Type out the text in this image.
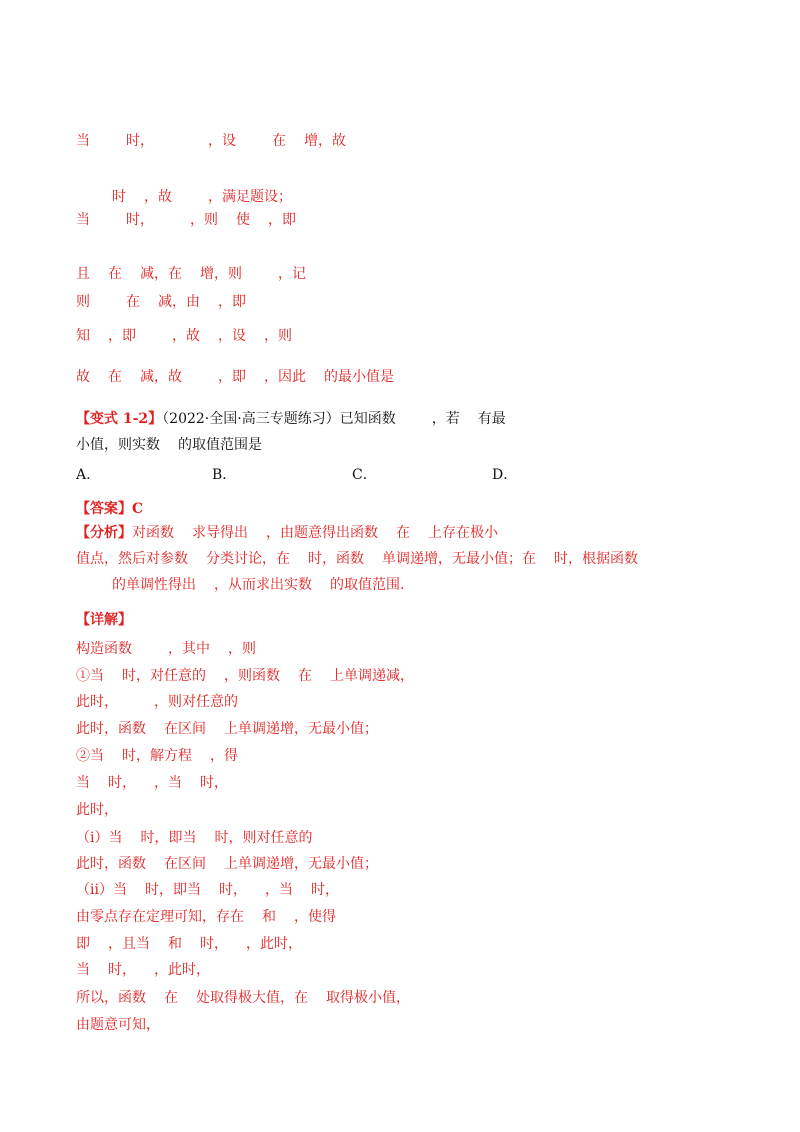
当	时，	，设	在 增，故
时 ，故	，满足题设；
当	时，	，则 使 ，即
且 在 减，在 增，则	，记
则	在 减，由 ，即
知 ，即	，故 ，设 ，则
故 在 减，故	，即 ，因此 的最小值是
【变式 1-2】（2022·全国·高三专题练习）已知函数	，若 有最
小值，则实数 的取值范围是
A.	B．	C．	D．
【答案】C
【分析】对函数 求导得出 ，由题意得出函数 在 上存在极小
值点，然后对参数 分类讨论，在 时，函数 单调递增，无最小值；在 时，根据函数
的单调性得出 ，从而求出实数 的取值范围.
【详解】
构造函数	，其中 ，则
①当 时，对任意的 ，则函数 在 上单调递减，
此时，	，则对任意的
此时，函数 在区间 上单调递增，无最小值；
②当 时，解方程 ，得
当 时， ，当 时，
此时，
（i）当 时，即当 时，则对任意的
此时，函数 在区间 上单调递增，无最小值；
（ii）当 时，即当 时， ，当 时，
由零点存在定理可知，存在 和 ，使得
即 ，且当 和 时， ，此时，
当 时， ，此时，
所以，函数 在 处取得极大值，在 取得极小值，
由题意可知，
